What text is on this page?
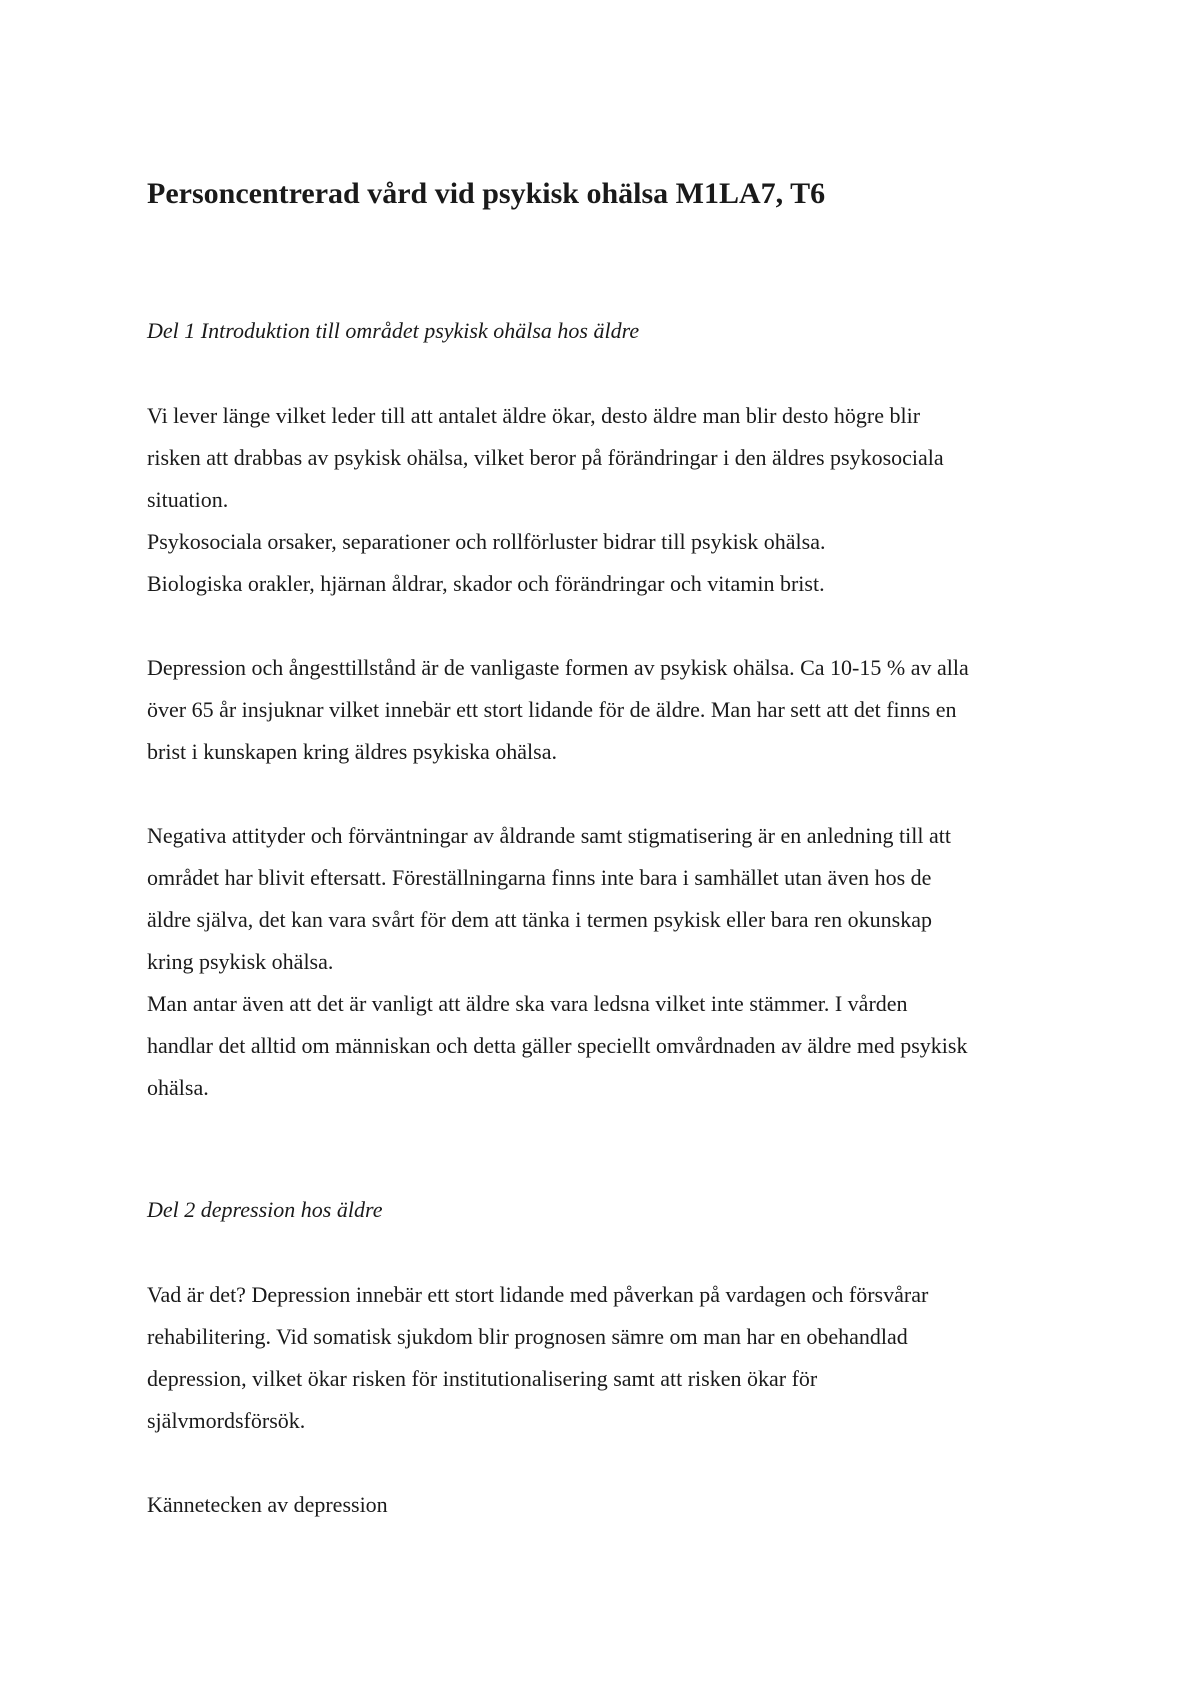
Personcentrerad vård vid psykisk ohälsa M1LA7, T6
Del 1 Introduktion till området psykisk ohälsa hos äldre

Vi lever länge vilket leder till att antalet äldre ökar, desto äldre man blir desto högre blir
risken att drabbas av psykisk ohälsa, vilket beror på förändringar i den äldres psykosociala
situation.
Psykosociala orsaker, separationer och rollförluster bidrar till psykisk ohälsa.
Biologiska orakler, hjärnan åldrar, skador och förändringar och vitamin brist.

Depression och ångesttillstånd är de vanligaste formen av psykisk ohälsa. Ca 10-15 % av alla
över 65 år insjuknar vilket innebär ett stort lidande för de äldre. Man har sett att det finns en
brist i kunskapen kring äldres psykiska ohälsa.

Negativa attityder och förväntningar av åldrande samt stigmatisering är en anledning till att
området har blivit eftersatt. Föreställningarna finns inte bara i samhället utan även hos de
äldre själva, det kan vara svårt för dem att tänka i termen psykisk eller bara ren okunskap
kring psykisk ohälsa.
Man antar även att det är vanligt att äldre ska vara ledsna vilket inte stämmer. I vården
handlar det alltid om människan och detta gäller speciellt omvårdnaden av äldre med psykisk
ohälsa.

Del 2 depression hos äldre

Vad är det? Depression innebär ett stort lidande med påverkan på vardagen och försvårar
rehabilitering. Vid somatisk sjukdom blir prognosen sämre om man har en obehandlad
depression, vilket ökar risken för institutionalisering samt att risken ökar för
självmordsförsök.

Kännetecken av depression
